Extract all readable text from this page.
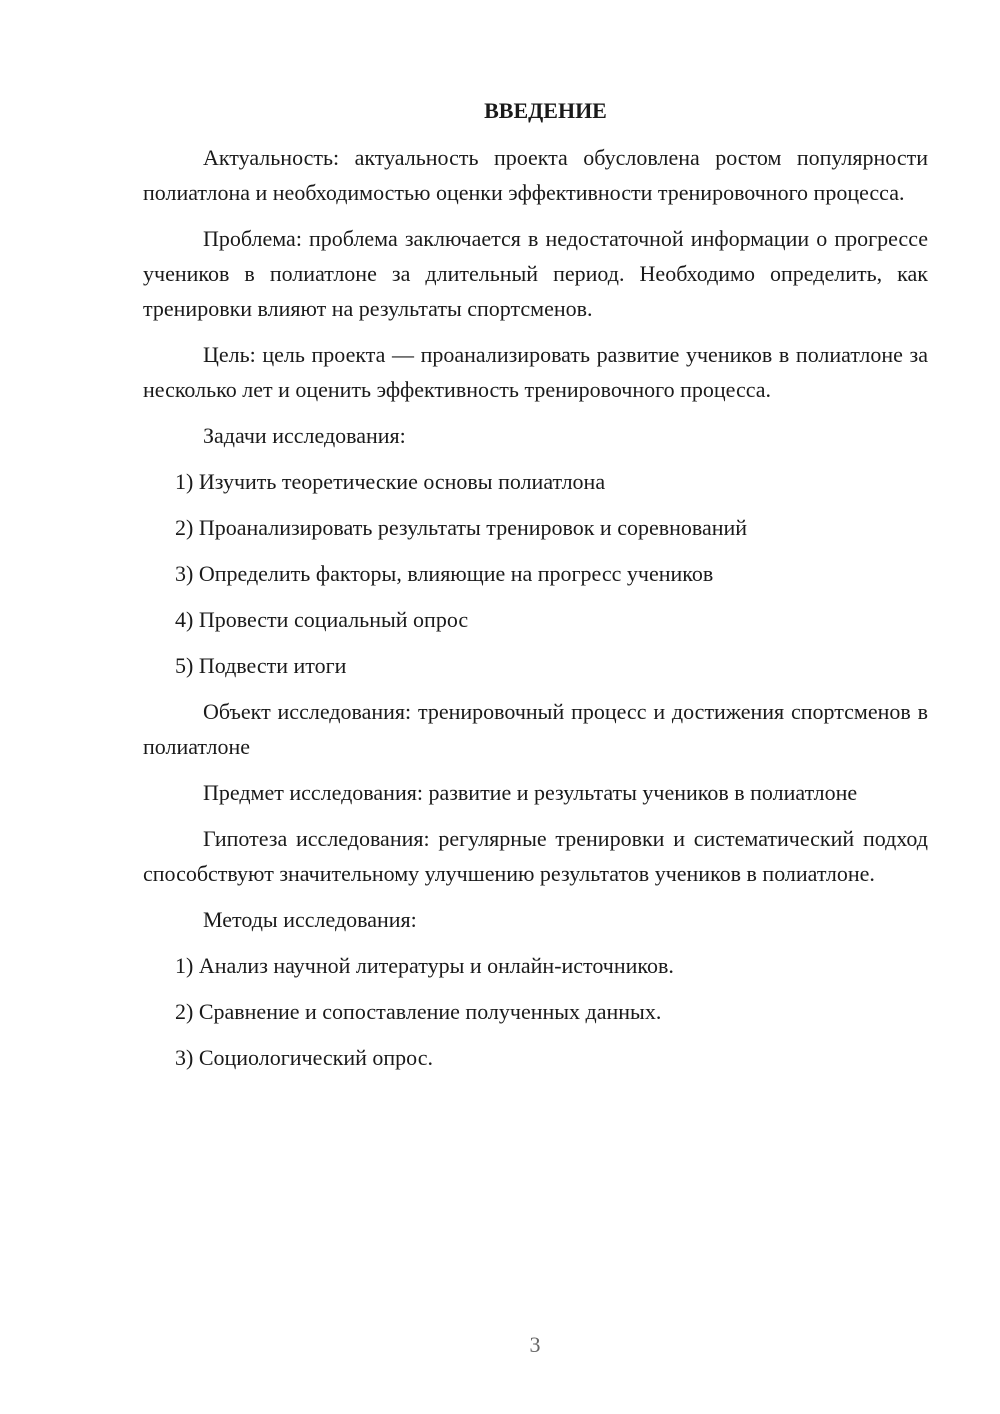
ВВЕДЕНИЕ

Актуальность: актуальность проекта обусловлена ростом популярности полиатлона и необходимостью оценки эффективности тренировочного процесса.

Проблема: проблема заключается в недостаточной информации о прогрессе учеников в полиатлоне за длительный период. Необходимо определить, как тренировки влияют на результаты спортсменов.

Цель: цель проекта — проанализировать развитие учеников в полиатлоне за несколько лет и оценить эффективность тренировочного процесса.

Задачи исследования:

1) Изучить теоретические основы полиатлона
2) Проанализировать результаты тренировок и соревнований
3) Определить факторы, влияющие на прогресс учеников
4) Провести социальный опрос
5) Подвести итоги

Объект исследования: тренировочный процесс и достижения спортсменов в полиатлоне

Предмет исследования: развитие и результаты учеников в полиатлоне

Гипотеза исследования: регулярные тренировки и систематический подход способствуют значительному улучшению результатов учеников в полиатлоне.

Методы исследования:

1) Анализ научной литературы и онлайн-источников.
2) Сравнение и сопоставление полученных данных.
3) Социологический опрос.
3
